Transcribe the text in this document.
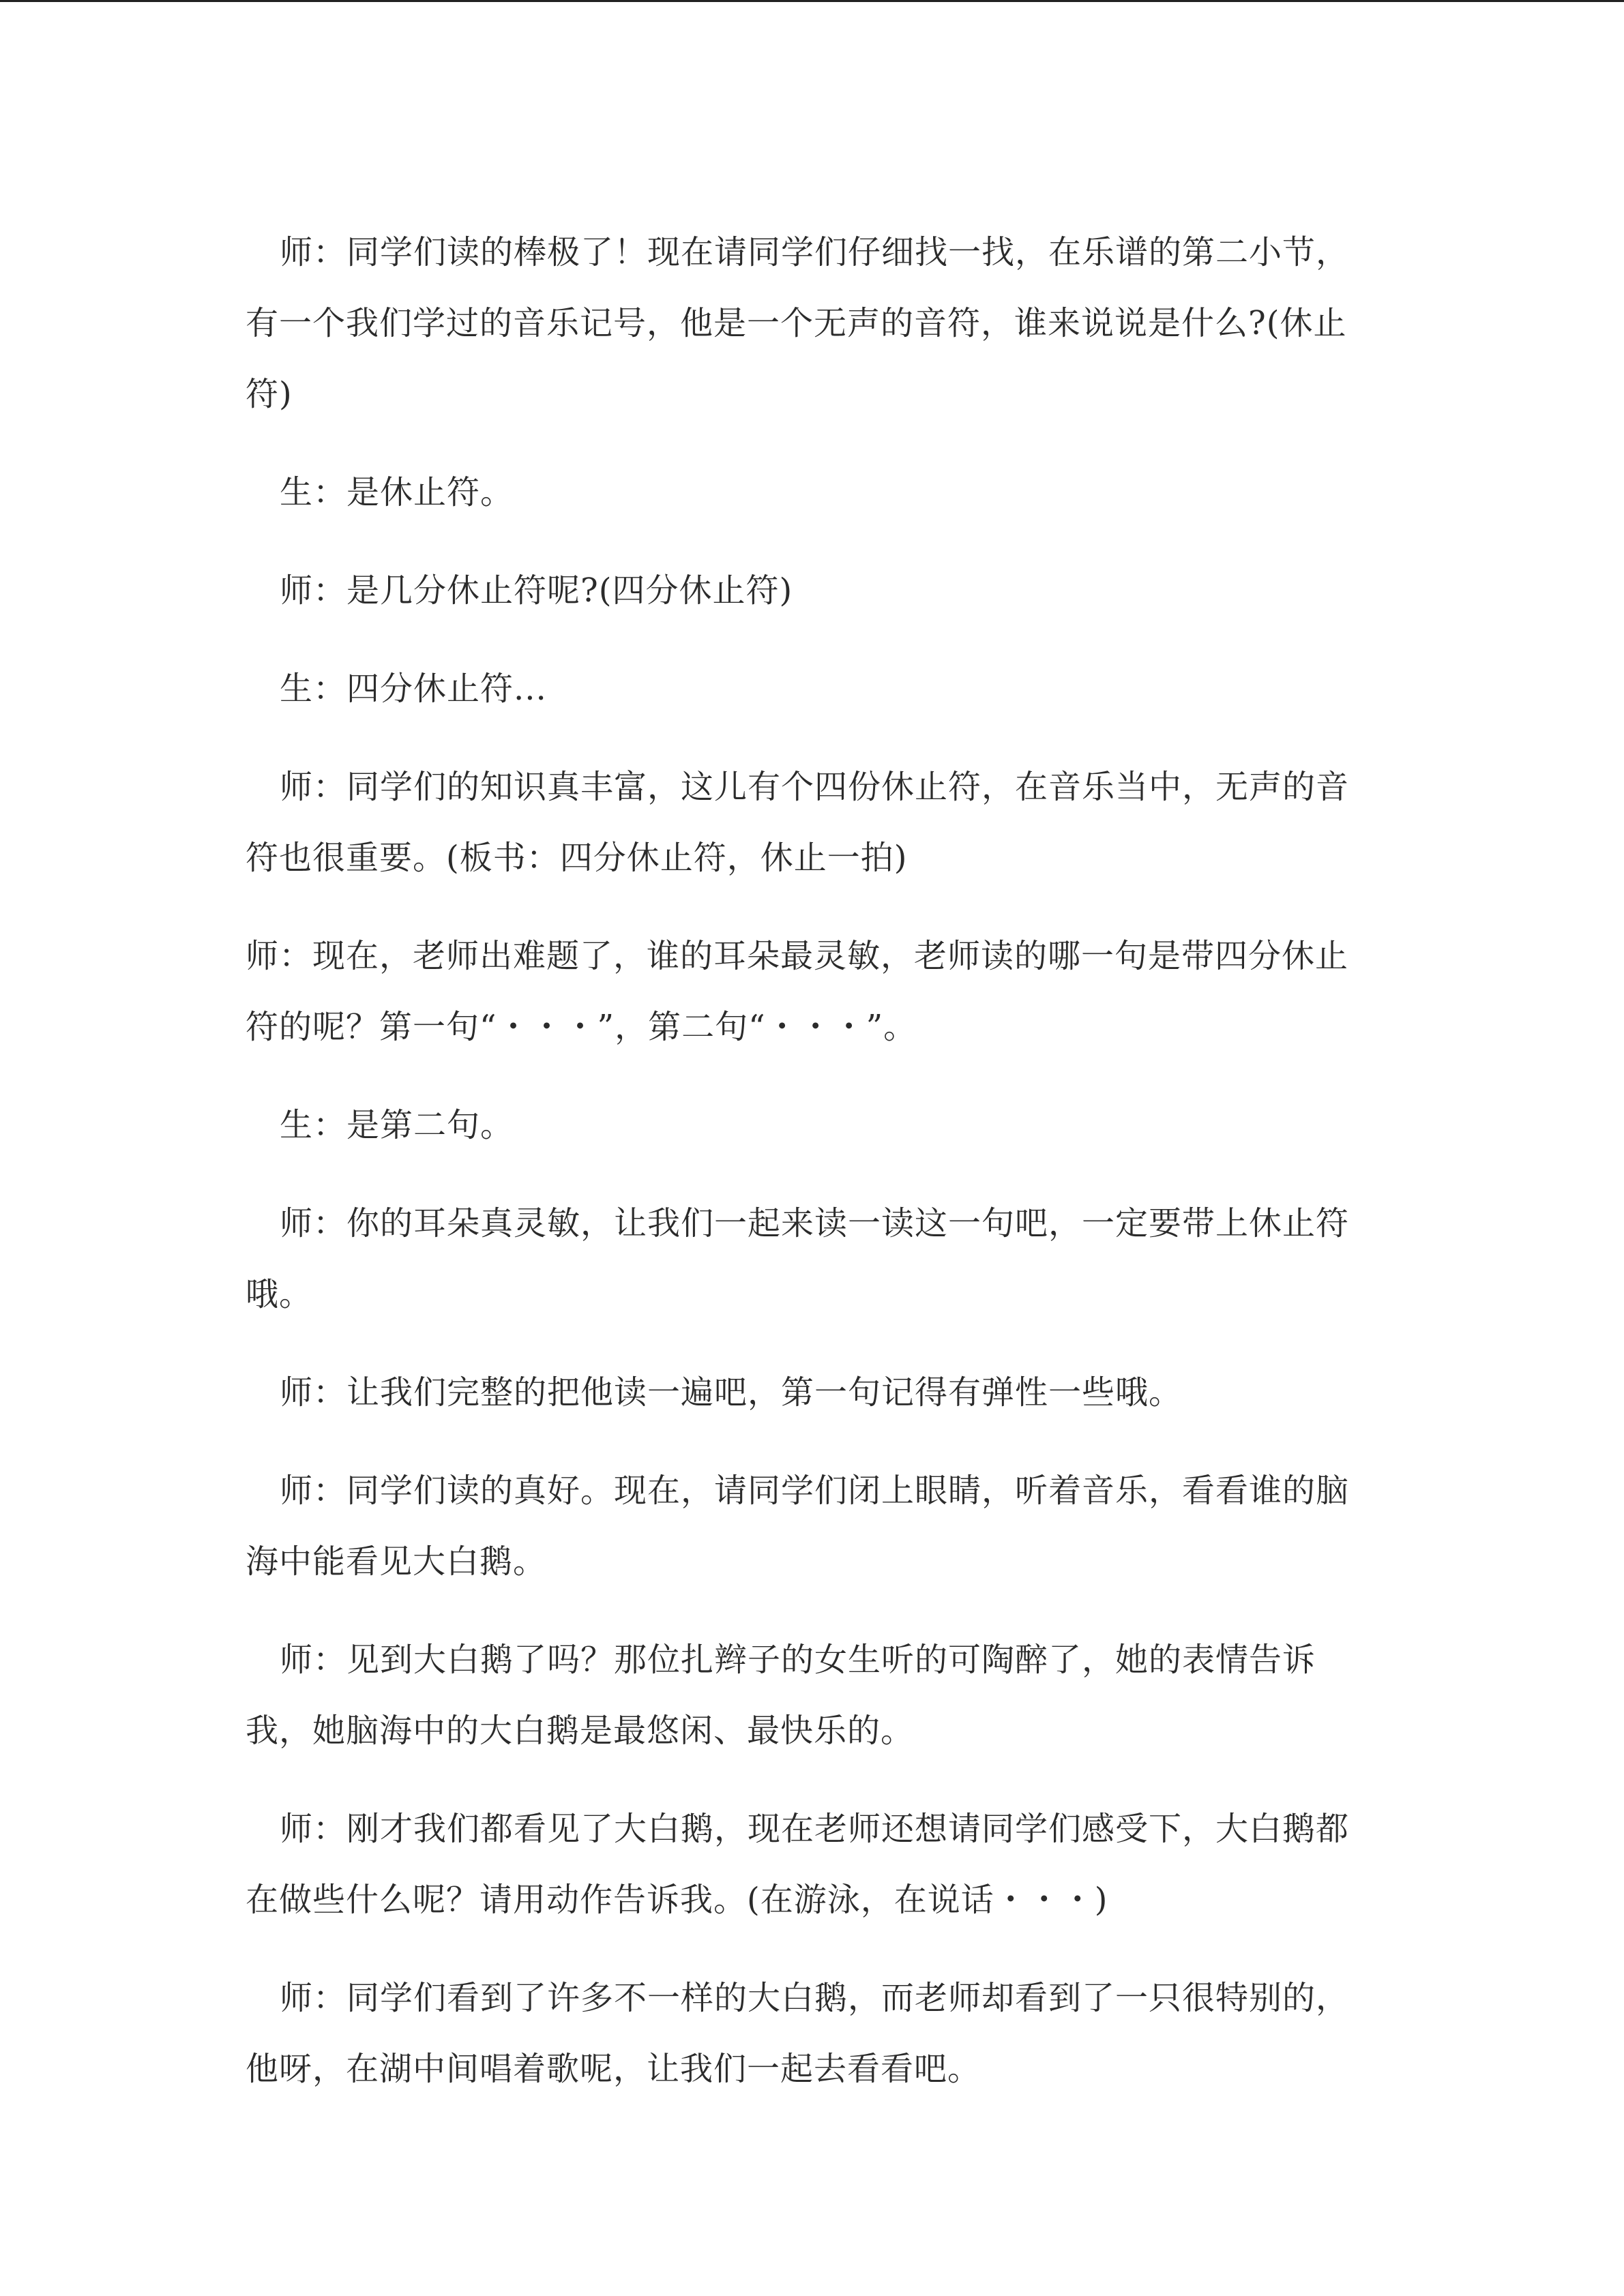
师：同学们读的棒极了！现在请同学们仔细找一找，在乐谱的第二小节，有一个我们学过的音乐记号，他是一个无声的音符，谁来说说是什么?(休止符)

生：是休止符。

师：是几分休止符呢?(四分休止符)

生：四分休止符...

师：同学们的知识真丰富，这儿有个四份休止符，在音乐当中，无声的音符也很重要。(板书：四分休止符，休止一拍)

师：现在，老师出难题了，谁的耳朵最灵敏，老师读的哪一句是带四分休止符的呢？第一句“・・・”，第二句“・・・”。

生：是第二句。

师：你的耳朵真灵敏，让我们一起来读一读这一句吧，一定要带上休止符哦。

师：让我们完整的把他读一遍吧，第一句记得有弹性一些哦。

师：同学们读的真好。现在，请同学们闭上眼睛，听着音乐，看看谁的脑海中能看见大白鹅。

师：见到大白鹅了吗？那位扎辫子的女生听的可陶醉了，她的表情告诉我，她脑海中的大白鹅是最悠闲、最快乐的。

师：刚才我们都看见了大白鹅，现在老师还想请同学们感受下，大白鹅都在做些什么呢？请用动作告诉我。(在游泳，在说话・・・)

师：同学们看到了许多不一样的大白鹅，而老师却看到了一只很特别的，他呀，在湖中间唱着歌呢，让我们一起去看看吧。
